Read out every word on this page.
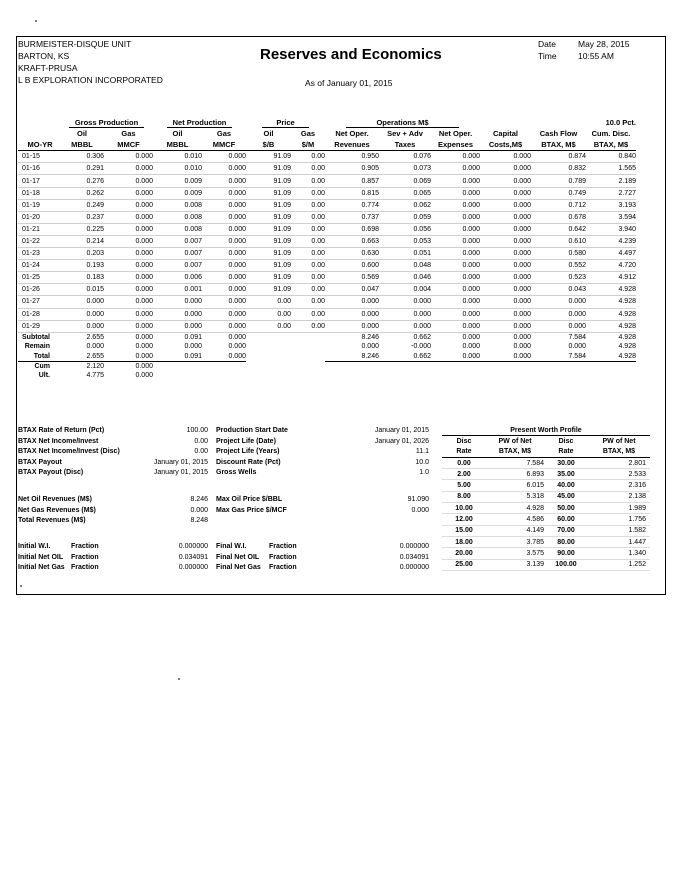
BURMEISTER-DISQUE UNIT
BARTON, KS
KRAFT-PRUSA
L B EXPLORATION INCORPORATED
Reserves and Economics
As of January 01, 2015
Date	May 28, 2015
Time	10:55 AM
	Gross Production		Net Production		Price		Operations M$					10.0 Pct.
	Oil	Gas	Oil	Gas	Oil	Gas	Net Oper.	Sev + Adv	Net Oper.	Capital	Cash Flow	Cum. Disc.
MO-YR	MBBL	MMCF	MBBL	MMCF	$/B	$/M	Revenues	Taxes	Expenses	Costs,M$	BTAX, M$	BTAX, M$
01-15	0.306	0.000	0.010	0.000	91.09	0.00	0.950	0.076	0.000	0.000	0.874	0.840
01-16	0.291	0.000	0.010	0.000	91.09	0.00	0.905	0.073	0.000	0.000	0.832	1.565
01-17	0.276	0.000	0.009	0.000	91.09	0.00	0.857	0.069	0.000	0.000	0.789	2.189
01-18	0.262	0.000	0.009	0.000	91.09	0.00	0.815	0.065	0.000	0.000	0.749	2.727
01-19	0.249	0.000	0.008	0.000	91.09	0.00	0.774	0.062	0.000	0.000	0.712	3.193
01-20	0.237	0.000	0.008	0.000	91.09	0.00	0.737	0.059	0.000	0.000	0.678	3.594
01-21	0.225	0.000	0.008	0.000	91.09	0.00	0.698	0.056	0.000	0.000	0.642	3.940
01-22	0.214	0.000	0.007	0.000	91.09	0.00	0.663	0.053	0.000	0.000	0.610	4.239
01-23	0.203	0.000	0.007	0.000	91.09	0.00	0.630	0.051	0.000	0.000	0.580	4.497
01-24	0.193	0.000	0.007	0.000	91.09	0.00	0.600	0.048	0.000	0.000	0.552	4.720
01-25	0.183	0.000	0.006	0.000	91.09	0.00	0.569	0.046	0.000	0.000	0.523	4.912
01-26	0.015	0.000	0.001	0.000	91.09	0.00	0.047	0.004	0.000	0.000	0.043	4.928
01-27	0.000	0.000	0.000	0.000	0.00	0.00	0.000	0.000	0.000	0.000	0.000	4.928
01-28	0.000	0.000	0.000	0.000	0.00	0.00	0.000	0.000	0.000	0.000	0.000	4.928
01-29	0.000	0.000	0.000	0.000	0.00	0.00	0.000	0.000	0.000	0.000	0.000	4.928
Subtotal	2.655	0.000	0.091	0.000			8.246	0.662	0.000	0.000	7.584	4.928
Remain	0.000	0.000	0.000	0.000			0.000	-0.000	0.000	0.000	0.000	4.928
Total	2.655	0.000	0.091	0.000			8.246	0.662	0.000	0.000	7.584	4.928
Cum	2.120	0.000										
Ult.	4.775	0.000										
BTAX Rate of Return (Pct)	100.00
BTAX Net Income/Invest	0.00
BTAX Net Income/Invest (Disc)	0.00
BTAX Payout	January 01, 2015
BTAX Payout (Disc)	January 01, 2015
Production Start Date	January 01, 2015
Project Life (Date)	January 01, 2026
Project Life (Years)	11.1
Discount Rate (Pct)	10.0
Gross Wells	1.0
Net Oil Revenues (M$)	8.246
Net Gas Revenues (M$)	0.000
Total Revenues (M$)	8.248
Max Oil Price $/BBL	91.090
Max Gas Price $/MCF	0.000
Initial W.I.	Fraction	0.000000
Initial Net OIL Fraction	0.034091
Initial Net Gas Fraction	0.000000
Final W.I.	Fraction	0.000000
Final Net OIL Fraction	0.034091
Final Net Gas Fraction	0.000000
Present Worth Profile			
Disc	PW of Net	Disc	PW of Net
Rate	BTAX, M$	Rate	BTAX, M$
0.00	7.584	30.00	2.801
2.00	6.893	35.00	2.533
5.00	6.015	40.00	2.316
8.00	5.318	45.00	2.138
10.00	4.928	50.00	1.989
12.00	4.586	60.00	1.756
15.00	4.149	70.00	1.582
18.00	3.785	80.00	1.447
20.00	3.575	90.00	1.340
25.00	3.139	100.00	1.252
